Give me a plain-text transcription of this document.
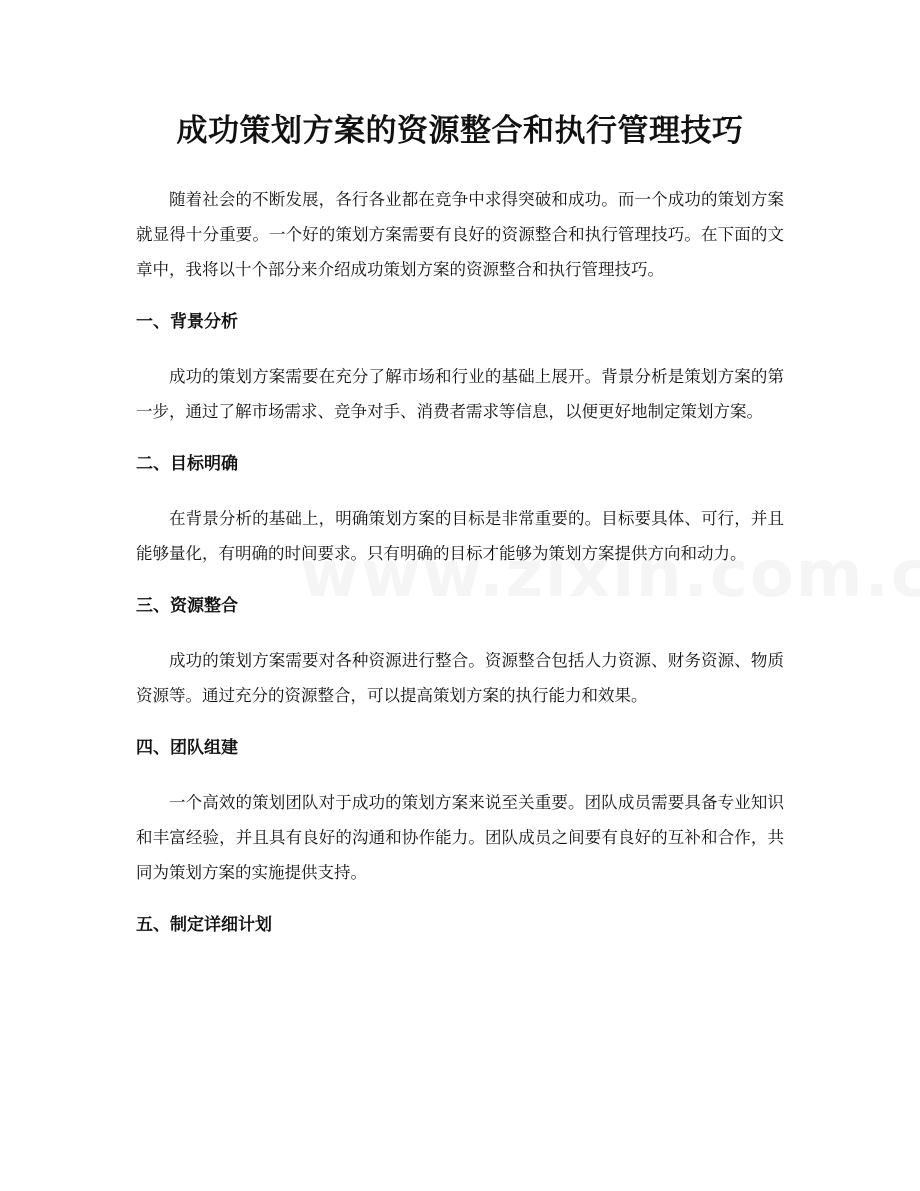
成功策划方案的资源整合和执行管理技巧

随着社会的不断发展，各行各业都在竞争中求得突破和成功。而一个成功的策划方案就显得十分重要。一个好的策划方案需要有良好的资源整合和执行管理技巧。在下面的文章中，我将以十个部分来介绍成功策划方案的资源整合和执行管理技巧。

一、背景分析

成功的策划方案需要在充分了解市场和行业的基础上展开。背景分析是策划方案的第一步，通过了解市场需求、竞争对手、消费者需求等信息，以便更好地制定策划方案。

二、目标明确

在背景分析的基础上，明确策划方案的目标是非常重要的。目标要具体、可行，并且能够量化，有明确的时间要求。只有明确的目标才能够为策划方案提供方向和动力。

三、资源整合

成功的策划方案需要对各种资源进行整合。资源整合包括人力资源、财务资源、物质资源等。通过充分的资源整合，可以提高策划方案的执行能力和效果。

四、团队组建

一个高效的策划团队对于成功的策划方案来说至关重要。团队成员需要具备专业知识和丰富经验，并且具有良好的沟通和协作能力。团队成员之间要有良好的互补和合作，共同为策划方案的实施提供支持。

五、制定详细计划
